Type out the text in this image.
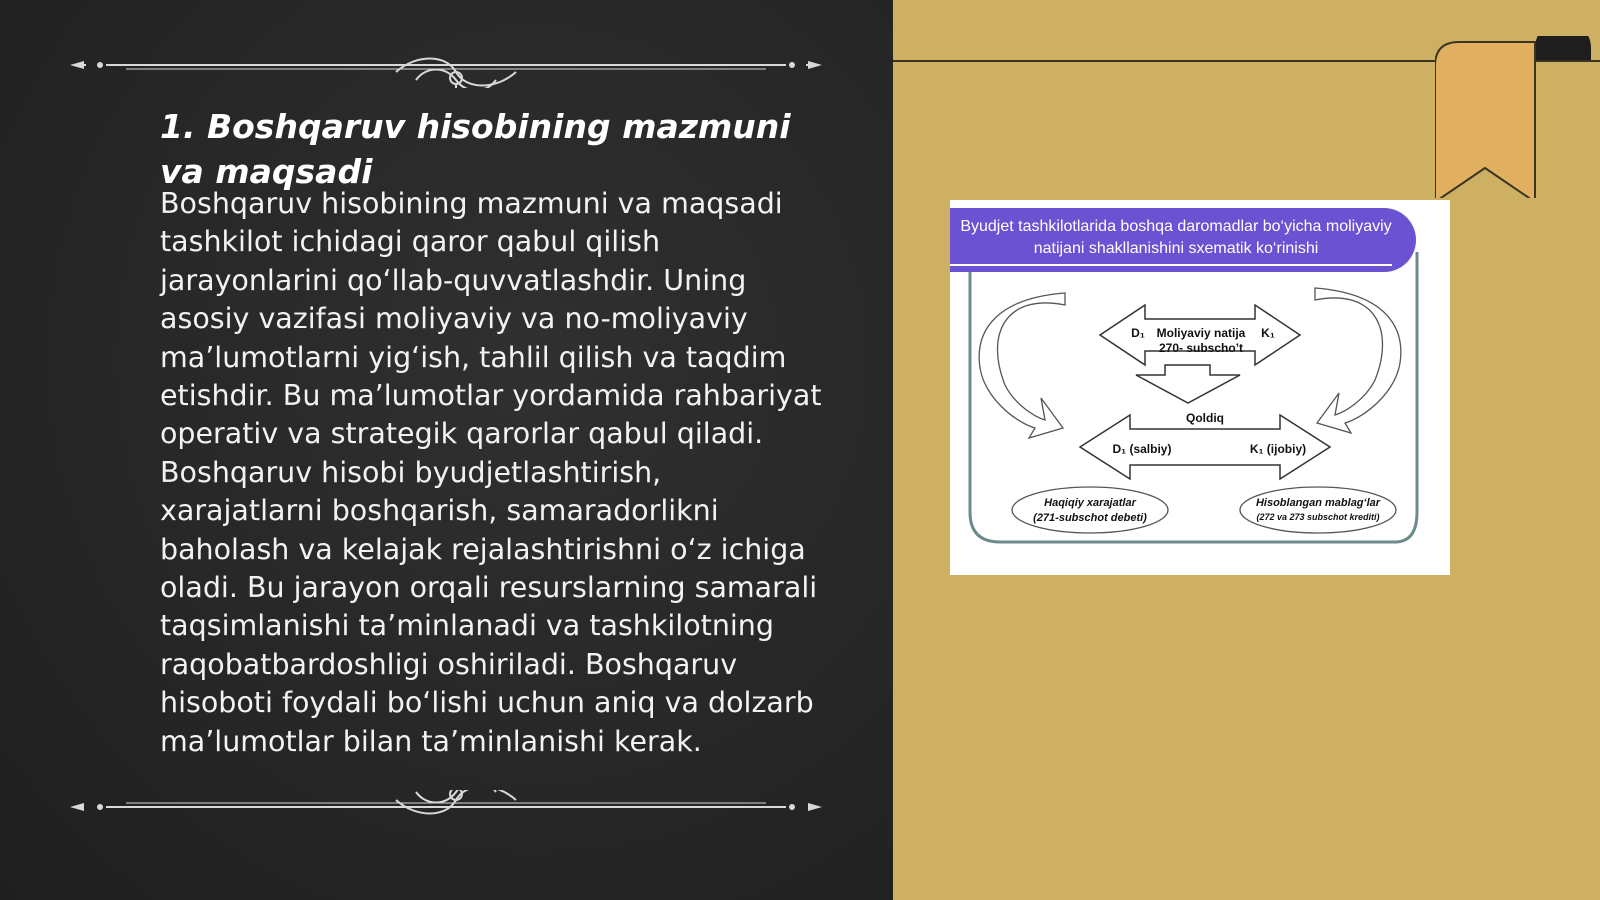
1. Boshqaruv hisobining mazmuni va maqsadi

Boshqaruv hisobining mazmuni va maqsadi tashkilot ichidagi qaror qabul qilish jarayonlarini qo‘llab-quvvatlashdir. Uning asosiy vazifasi moliyaviy va no-moliyaviy ma’lumotlarni yig‘ish, tahlil qilish va taqdim etishdir. Bu ma’lumotlar yordamida rahbariyat operativ va strategik qarorlar qabul qiladi. Boshqaruv hisobi byudjetlashtirish, xarajatlarni boshqarish, samaradorlikni baholash va kelajak rejalashtirishni o‘z ichiga oladi. Bu jarayon orqali resurslarning samarali taqsimlanishi ta’minlanadi va tashkilotning raqobatbardoshligi oshiriladi. Boshqaruv hisoboti foydali bo‘lishi uchun aniq va dolzarb ma’lumotlar bilan ta’minlanishi kerak.

Byudjet tashkilotlarida boshqa daromadlar bo‘yicha moliyaviy natijani shakllanishini sxematik ko‘rinishi
D₁ Moliyaviy natija
270- subscho’t
K₁
Qoldiq
D₁ (salbiy)	K₁ (ijobiy)
Haqiqiy xarajatlar
(271-subschot debeti)
Hisoblangan mablag‘lar
(272 va 273 subschot krediti)
